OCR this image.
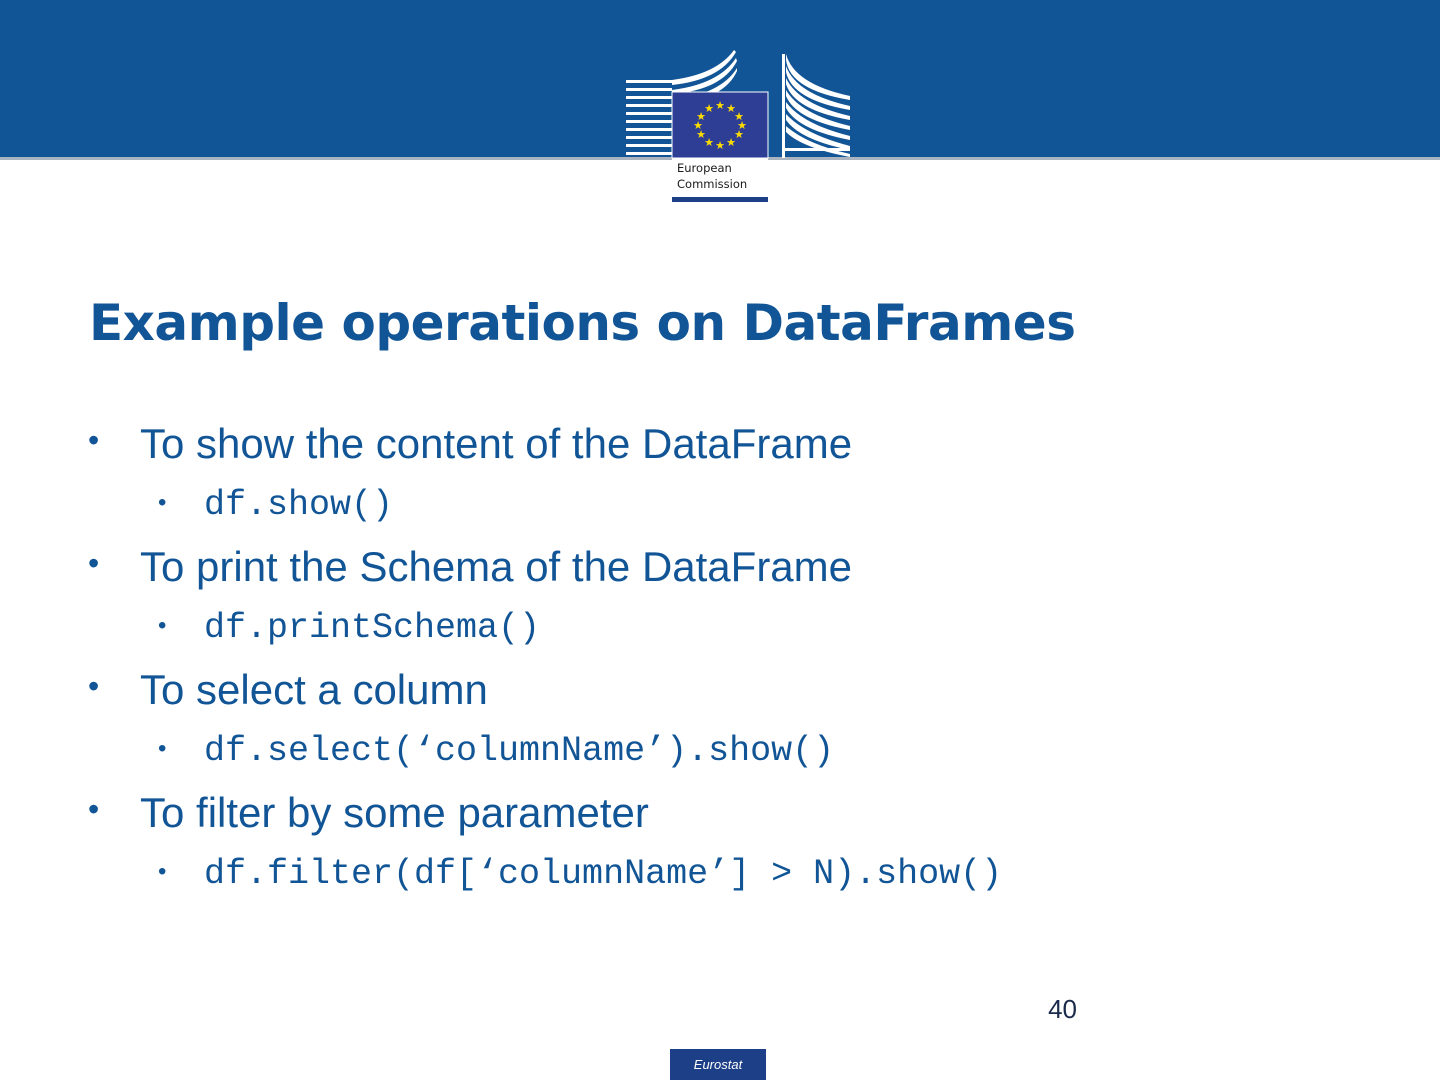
★ ★
★
★
★
★
★
★
★
★
★
★
European
Commission
Example operations on DataFrames
• To show the content of the DataFrame
• df.show()
• To print the Schema of the DataFrame
• df.printSchema()
• To select a column
• df.select(‘columnName’).show()
• To filter by some parameter
• df.filter(df[‘columnName’] > N).show()
40
Eurostat
